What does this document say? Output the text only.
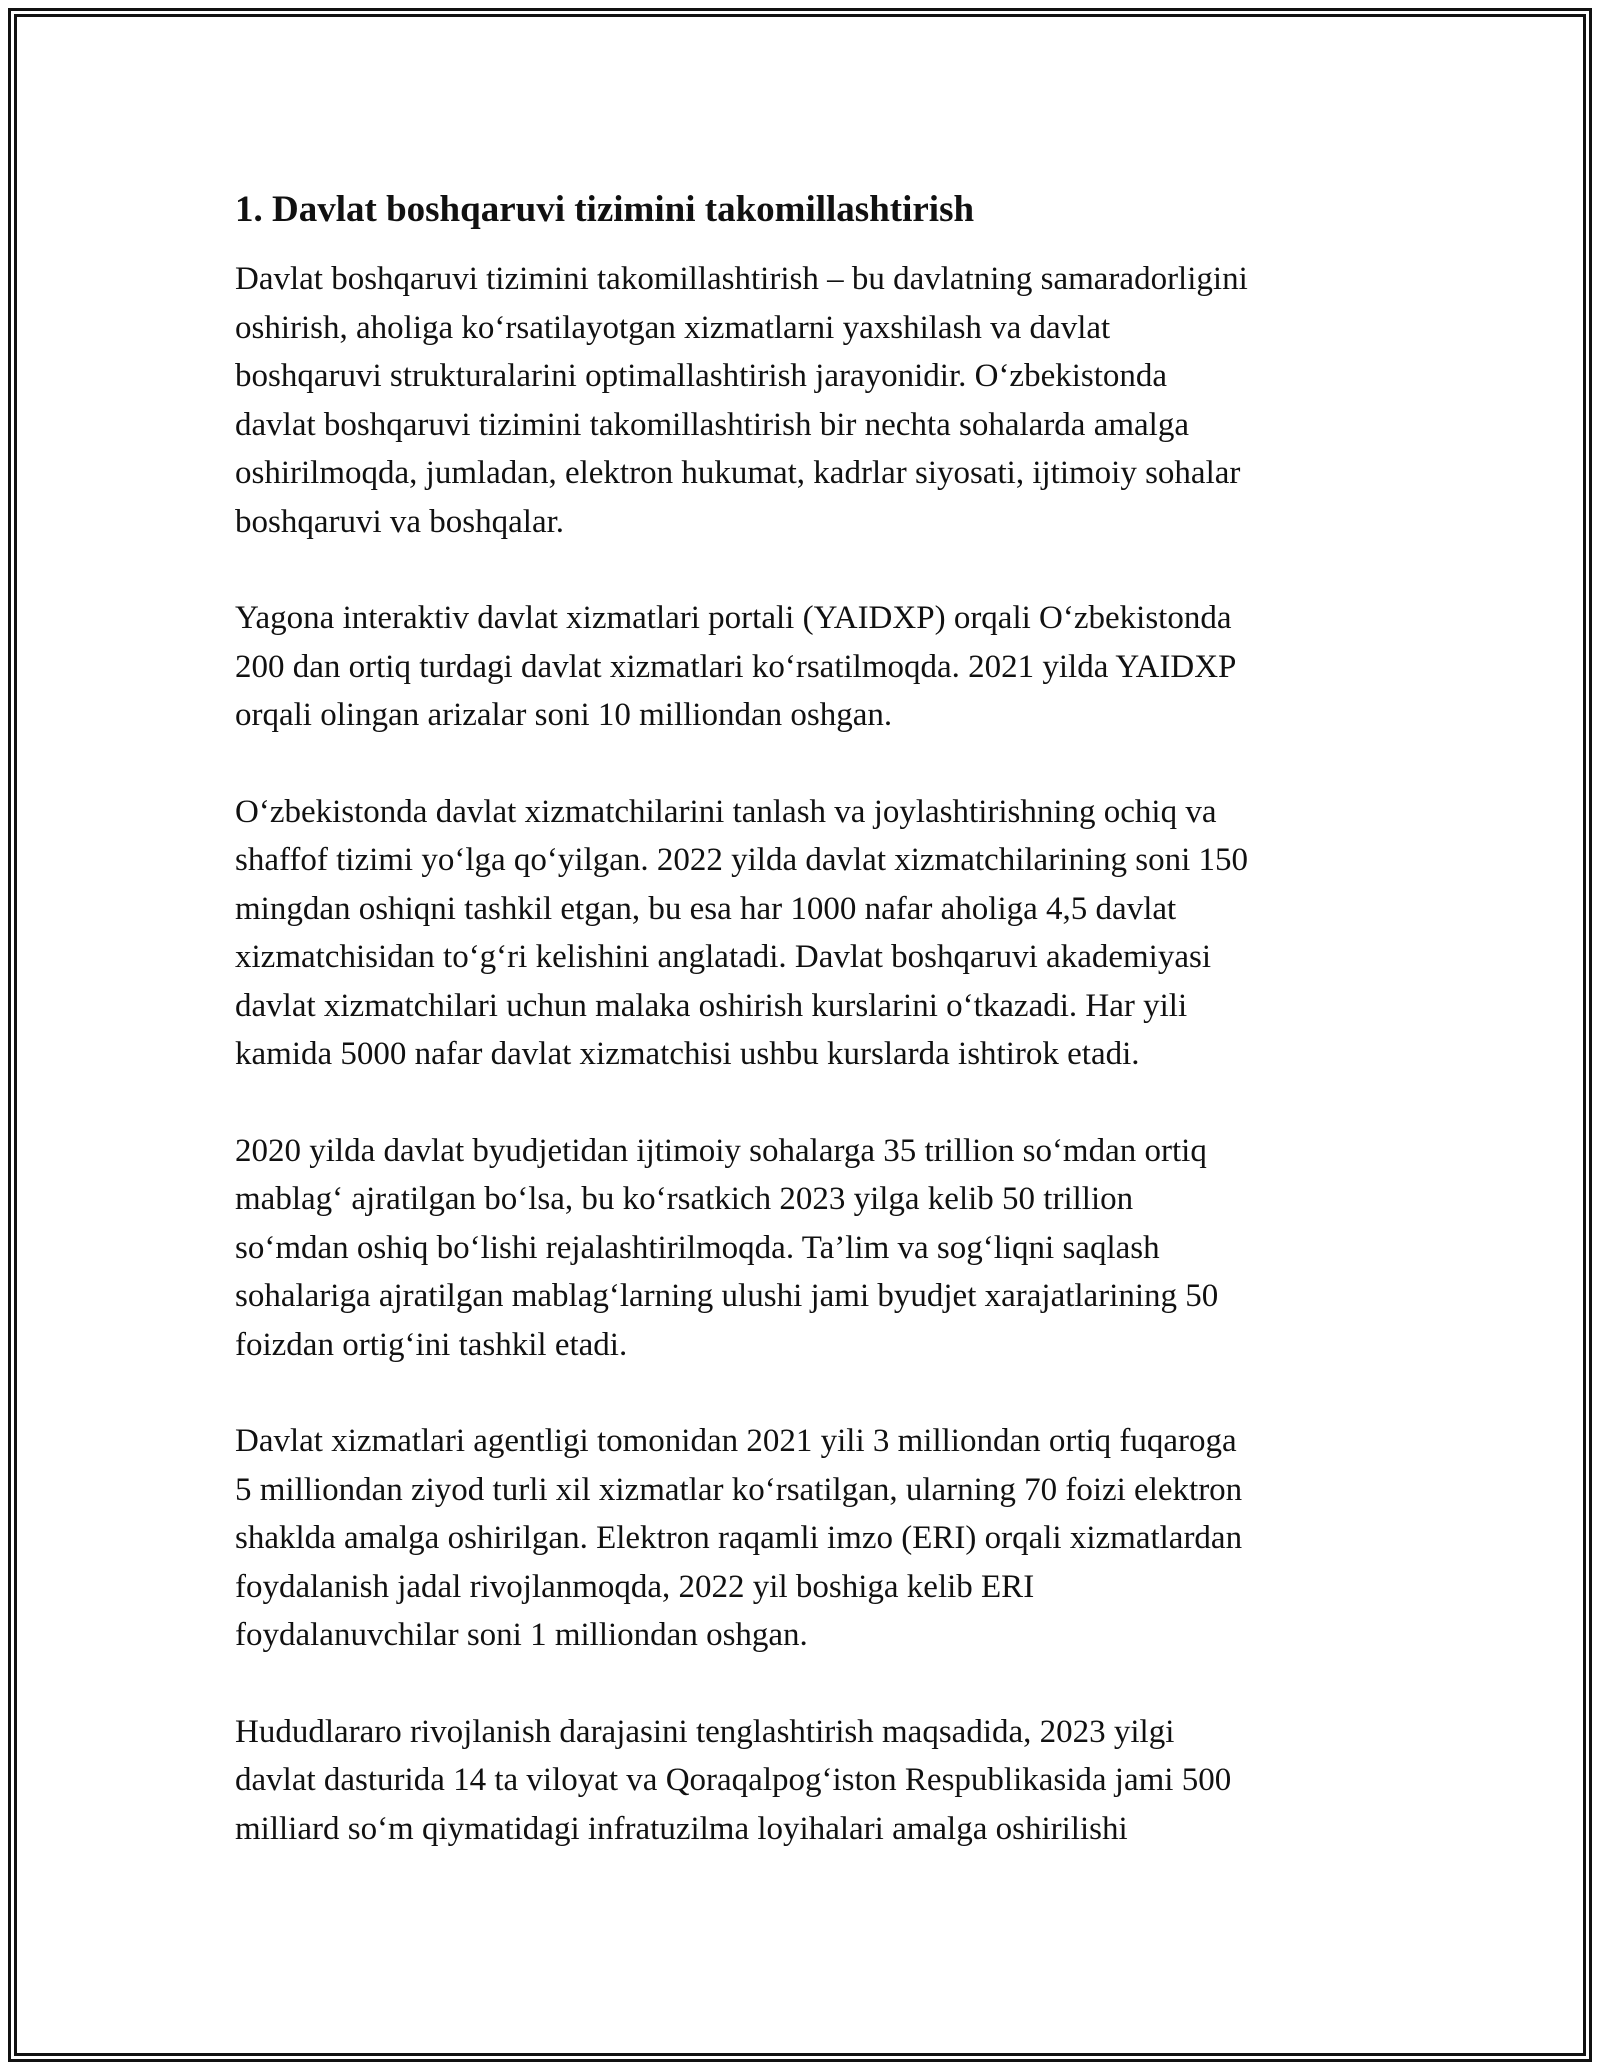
1. Davlat boshqaruvi tizimini takomillashtirish

Davlat boshqaruvi tizimini takomillashtirish – bu davlatning samaradorligini
oshirish, aholiga ko‘rsatilayotgan xizmatlarni yaxshilash va davlat
boshqaruvi strukturalarini optimallashtirish jarayonidir. O‘zbekistonda
davlat boshqaruvi tizimini takomillashtirish bir nechta sohalarda amalga
oshirilmoqda, jumladan, elektron hukumat, kadrlar siyosati, ijtimoiy sohalar
boshqaruvi va boshqalar.

Yagona interaktiv davlat xizmatlari portali (YAIDXP) orqali O‘zbekistonda
200 dan ortiq turdagi davlat xizmatlari ko‘rsatilmoqda. 2021 yilda YAIDXP
orqali olingan arizalar soni 10 milliondan oshgan.

O‘zbekistonda davlat xizmatchilarini tanlash va joylashtirishning ochiq va
shaffof tizimi yo‘lga qo‘yilgan. 2022 yilda davlat xizmatchilarining soni 150
mingdan oshiqni tashkil etgan, bu esa har 1000 nafar aholiga 4,5 davlat
xizmatchisidan to‘g‘ri kelishini anglatadi. Davlat boshqaruvi akademiyasi
davlat xizmatchilari uchun malaka oshirish kurslarini o‘tkazadi. Har yili
kamida 5000 nafar davlat xizmatchisi ushbu kurslarda ishtirok etadi.

2020 yilda davlat byudjetidan ijtimoiy sohalarga 35 trillion so‘mdan ortiq
mablag‘ ajratilgan bo‘lsa, bu ko‘rsatkich 2023 yilga kelib 50 trillion
so‘mdan oshiq bo‘lishi rejalashtirilmoqda. Ta’lim va sog‘liqni saqlash
sohalariga ajratilgan mablag‘larning ulushi jami byudjet xarajatlarining 50
foizdan ortig‘ini tashkil etadi.

Davlat xizmatlari agentligi tomonidan 2021 yili 3 milliondan ortiq fuqaroga
5 milliondan ziyod turli xil xizmatlar ko‘rsatilgan, ularning 70 foizi elektron
shaklda amalga oshirilgan. Elektron raqamli imzo (ERI) orqali xizmatlardan
foydalanish jadal rivojlanmoqda, 2022 yil boshiga kelib ERI
foydalanuvchilar soni 1 milliondan oshgan.

Hududlararo rivojlanish darajasini tenglashtirish maqsadida, 2023 yilgi
davlat dasturida 14 ta viloyat va Qoraqalpog‘iston Respublikasida jami 500
milliard so‘m qiymatidagi infratuzilma loyihalari amalga oshirilishi
